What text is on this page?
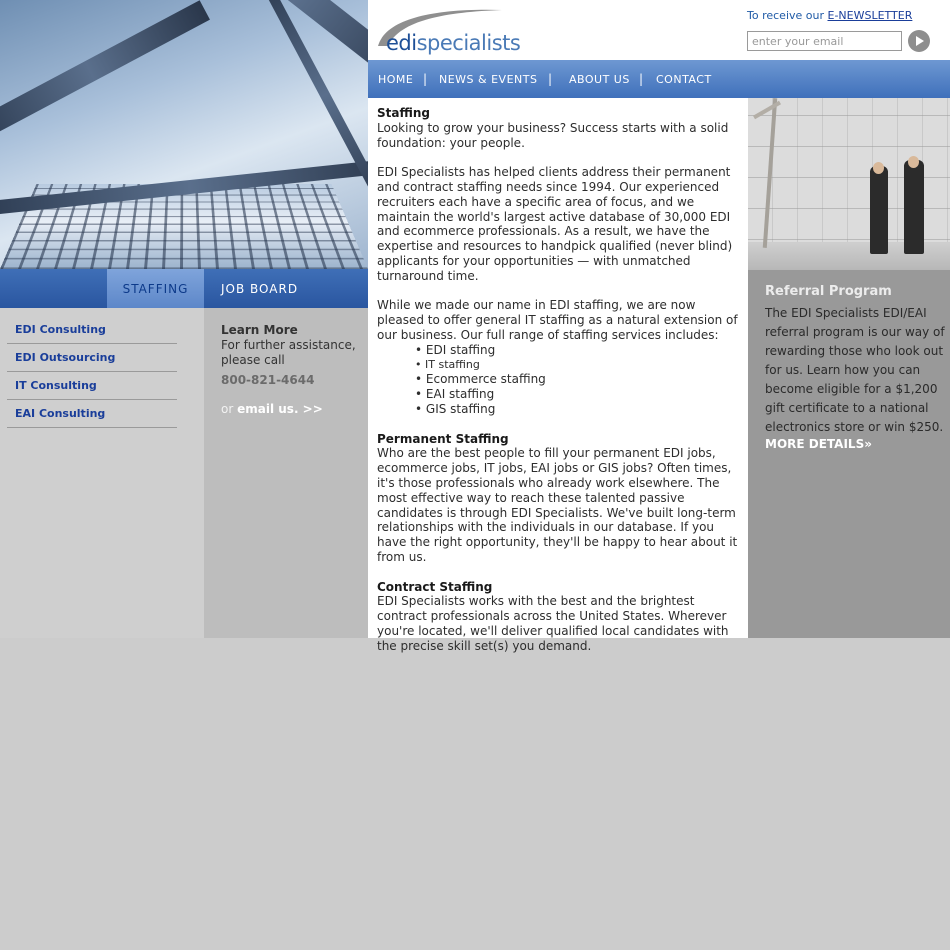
STAFFING	JOB BOARD
EDI Consulting
EDI Outsourcing
IT Consulting
EAI Consulting
Learn More
For further assistance, please call
800-821-4644
or email us. >>
edispecialists
To receive our E-NEWSLETTER
enter your email
HOME | NEWS & EVENTS | ABOUT US | CONTACT

Staffing
Looking to grow your business? Success starts with a solid foundation: your people.

EDI Specialists has helped clients address their permanent and contract staffing needs since 1994. Our experienced recruiters each have a specific area of focus, and we maintain the world's largest active database of 30,000 EDI and ecommerce professionals. As a result, we have the expertise and resources to handpick qualified (never blind) applicants for your opportunities — with unmatched turnaround time.

While we made our name in EDI staffing, we are now pleased to offer general IT staffing as a natural extension of our business. Our full range of staffing services includes:

• EDI staffing
• IT staffing
• Ecommerce staffing
• EAI staffing
• GIS staffing

Permanent Staffing
Who are the best people to fill your permanent EDI jobs, ecommerce jobs, IT jobs, EAI jobs or GIS jobs? Often times, it's those professionals who already work elsewhere. The most effective way to reach these talented passive candidates is through EDI Specialists. We've built long-term relationships with the individuals in our database. If you have the right opportunity, they'll be happy to hear about it from us.

Contract Staffing
EDI Specialists works with the best and the brightest contract professionals across the United States. Wherever you're located, we'll deliver qualified local candidates with the precise skill set(s) you demand.

Referral Program
The EDI Specialists EDI/EAI referral program is our way of rewarding those who look out for us. Learn how you can become eligible for a $1,200 gift certificate to a national electronics store or win $250.
MORE DETAILS»
